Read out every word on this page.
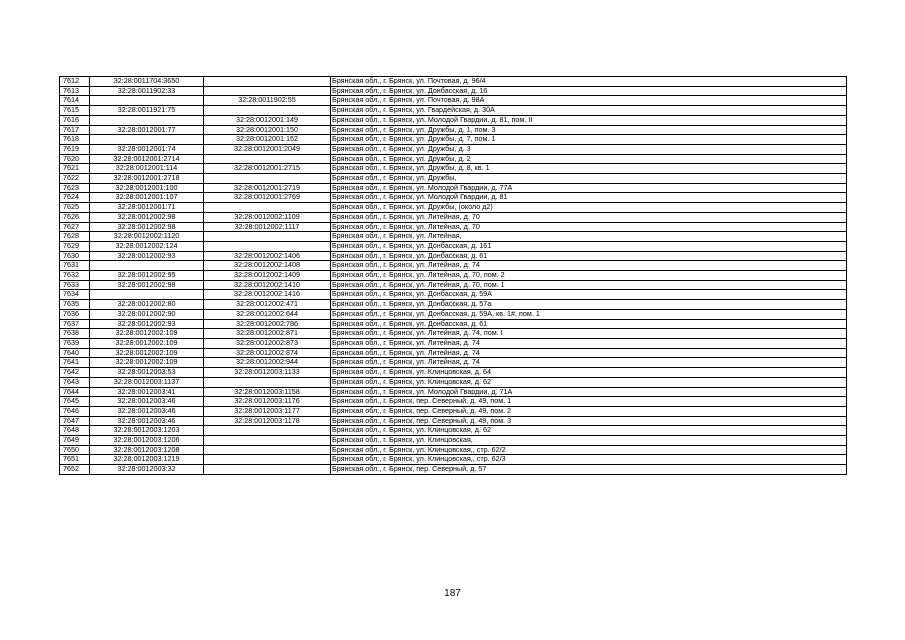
7612	32:28:0011704:3650		Брянская обл., г. Брянск, ул. Почтовая, д. 96/4
7613	32:28:0011902:33		Брянская обл., г. Брянск, ул. Донбасская, д. 16
7614		32:28:0011902:55	Брянская обл., г. Брянск, ул. Почтовая, д. 98А
7615	32:28:0011921:75		Брянская обл., г. Брянск, ул. Гвардейская, д. 30А
7616		32:28:0012001:149	Брянская обл., г. Брянск, ул. Молодой Гвардии, д. 81, пом. II
7617	32:28:0012001:77	32:28:0012001:150	Брянская обл., г. Брянск, ул. Дружбы, д. 1, пом. 3
7618		32:28:0012001:152	Брянская обл., г. Брянск, ул. Дружбы, д. 7, пом. 1
7619	32:28:0012001:74	32:28:0012001:2049	Брянская обл., г. Брянск, ул. Дружбы, д. 3
7620	32:28:0012001:2714		Брянская обл., г. Брянск, ул. Дружбы, д. 2
7621	32:28:0012001:114	32:28:0012001:2715	Брянская обл., г. Брянск, ул. Дружбы, д. 8, кв. 1
7622	32:28:0012001:2718		Брянская обл., г. Брянск, ул. Дружбы,
7623	32:28:0012001:100	32:28:0012001:2719	Брянская обл., г. Брянск, ул. Молодой Гвардии, д. 77А
7624	32:28:0012001:107	32:28:0012001:2769	Брянская обл., г. Брянск, ул. Молодой Гвардии, д. 81
7625	32:28:0012001:71		Брянская обл., г. Брянск, ул. Дружбы, (около д2)
7626	32:28:0012002:98	32:28:0012002:1109	Брянская обл., г. Брянск, ул. Литейная, д. 70
7627	32:28:0012002:98	32:28:0012002:1117	Брянская обл., г. Брянск, ул. Литейная, д. 70
7628	32:28:0012002:1120		Брянская обл., г. Брянск, ул. Литейная,
7629	32:28:0012002:124		Брянская обл., г. Брянск, ул. Донбасская, д. 161
7630	32:28:0012002:93	32:28:0012002:1406	Брянская обл., г. Брянск, ул. Донбасская, д. 61
7631		32:28:0012002:1408	Брянская обл., г. Брянск, ул. Литейная, д. 74
7632	32:28:0012002:95	32:28:0012002:1409	Брянская обл., г. Брянск, ул. Литейная, д. 70, пом. 2
7633	32:28:0012002:98	32:28:0012002:1410	Брянская обл., г. Брянск, ул. Литейная, д. 70, пом. 1
7634		32:28:0012002:1416	Брянская обл., г. Брянск, ул. Донбасская, д. 59А
7635	32:28:0012002:80	32:28:0012002:471	Брянская обл., г. Брянск, ул. Донбасская, д. 57а
7636	32:28:0012002:90	32:28:0012002:644	Брянская обл., г. Брянск, ул. Донбасская, д. 59А, кв. 1#, пом. 1
7637	32:28:0012002:93	32:28:0012002:786	Брянская обл., г. Брянск, ул. Донбасская, д. 61
7638	32:28:0012002:109	32:28:0012002:871	Брянская обл., г. Брянск, ул. Литейная, д. 74, пом. I
7639	32:28:0012002:109	32:28:0012002:873	Брянская обл., г. Брянск, ул. Литейная, д. 74
7640	32:28:0012002:109	32:28:0012002:874	Брянская обл., г. Брянск, ул. Литейная, д. 74
7641	32:28:0012002:109	32:28:0012002:944	Брянская обл., г. Брянск, ул. Литейная, д. 74
7642	32:28:0012003:53	32:28:0012003:1133	Брянская обл., г. Брянск, ул. Клинцовская, д. 64
7643	32:28:0012003:1137		Брянская обл., г. Брянск, ул. Клинцовская, д. 62
7644	32:28:0012003:41	32:28:0012003:1158	Брянская обл., г. Брянск, ул. Молодой Гвардии, д. 71А
7645	32:28:0012003:46	32:28:0012003:1176	Брянская обл., г. Брянск, пер. Северный, д. 49, пом. 1
7646	32:28:0012003:46	32:28:0012003:1177	Брянская обл., г. Брянск, пер. Северный, д. 49, пом. 2
7647	32:28:0012003:46	32:28:0012003:1178	Брянская обл., г. Брянск, пер. Северный, д. 49, пом. 3
7648	32:28:0012003:1203		Брянская обл., г. Брянск, ул. Клинцовская, д. 62
7649	32:28:0012003:1206		Брянская обл., г. Брянск, ул. Клинцовская,
7650	32:28:0012003:1208		Брянская обл., г. Брянск, ул. Клинцовская,, стр. 62/2
7651	32:28:0012003:1219		Брянская обл., г. Брянск, ул. Клинцовская,, стр. 62/3
7652	32:28:0012003:32		Брянская обл., г. Брянск, пер. Северный, д. 57
187
